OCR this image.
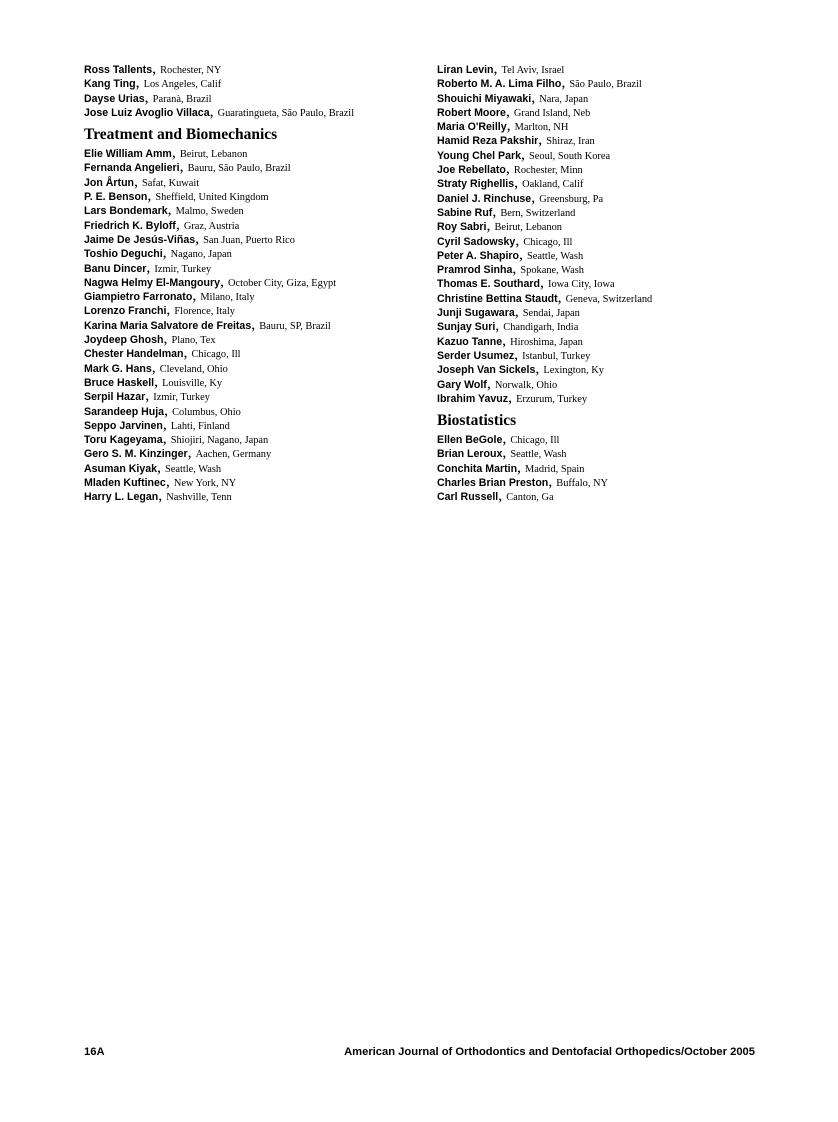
Ross Tallents, Rochester, NY
Kang Ting, Los Angeles, Calif
Dayse Urias, Paranà, Brazil
Jose Luiz Avoglio Villaca, Guaratingueta, São Paulo, Brazil
Treatment and Biomechanics
Elie William Amm, Beirut, Lebanon
Fernanda Angelieri, Bauru, São Paulo, Brazil
Jon Årtun, Safat, Kuwait
P. E. Benson, Sheffield, United Kingdom
Lars Bondemark, Malmo, Sweden
Friedrich K. Byloff, Graz, Austria
Jaime De Jesús-Viñas, San Juan, Puerto Rico
Toshio Deguchi, Nagano, Japan
Banu Dincer, Izmir, Turkey
Nagwa Helmy El-Mangoury, October City, Giza, Egypt
Giampietro Farronato, Milano, Italy
Lorenzo Franchi, Florence, Italy
Karina Maria Salvatore de Freitas, Bauru, SP, Brazil
Joydeep Ghosh, Plano, Tex
Chester Handelman, Chicago, Ill
Mark G. Hans, Cleveland, Ohio
Bruce Haskell, Louisville, Ky
Serpil Hazar, Izmir, Turkey
Sarandeep Huja, Columbus, Ohio
Seppo Jarvinen, Lahti, Finland
Toru Kageyama, Shiojiri, Nagano, Japan
Gero S. M. Kinzinger, Aachen, Germany
Asuman Kiyak, Seattle, Wash
Mladen Kuftinec, New York, NY
Harry L. Legan, Nashville, Tenn
Liran Levin, Tel Aviv, Israel
Roberto M. A. Lima Filho, São Paulo, Brazil
Shouichi Miyawaki, Nara, Japan
Robert Moore, Grand Island, Neb
Maria O'Reilly, Marlton, NH
Hamid Reza Pakshir, Shiraz, Iran
Young Chel Park, Seoul, South Korea
Joe Rebellato, Rochester, Minn
Straty Righellis, Oakland, Calif
Daniel J. Rinchuse, Greensburg, Pa
Sabine Ruf, Bern, Switzerland
Roy Sabri, Beirut, Lebanon
Cyril Sadowsky, Chicago, Ill
Peter A. Shapiro, Seattle, Wash
Pramrod Sinha, Spokane, Wash
Thomas E. Southard, Iowa City, Iowa
Christine Bettina Staudt, Geneva, Switzerland
Junji Sugawara, Sendai, Japan
Sunjay Suri, Chandigarh, India
Kazuo Tanne, Hiroshima, Japan
Serder Usumez, Istanbul, Turkey
Joseph Van Sickels, Lexington, Ky
Gary Wolf, Norwalk, Ohio
Ibrahim Yavuz, Erzurum, Turkey
Biostatistics
Ellen BeGole, Chicago, Ill
Brian Leroux, Seattle, Wash
Conchita Martin, Madrid, Spain
Charles Brian Preston, Buffalo, NY
Carl Russell, Canton, Ga
16A	American Journal of Orthodontics and Dentofacial Orthopedics/October 2005
